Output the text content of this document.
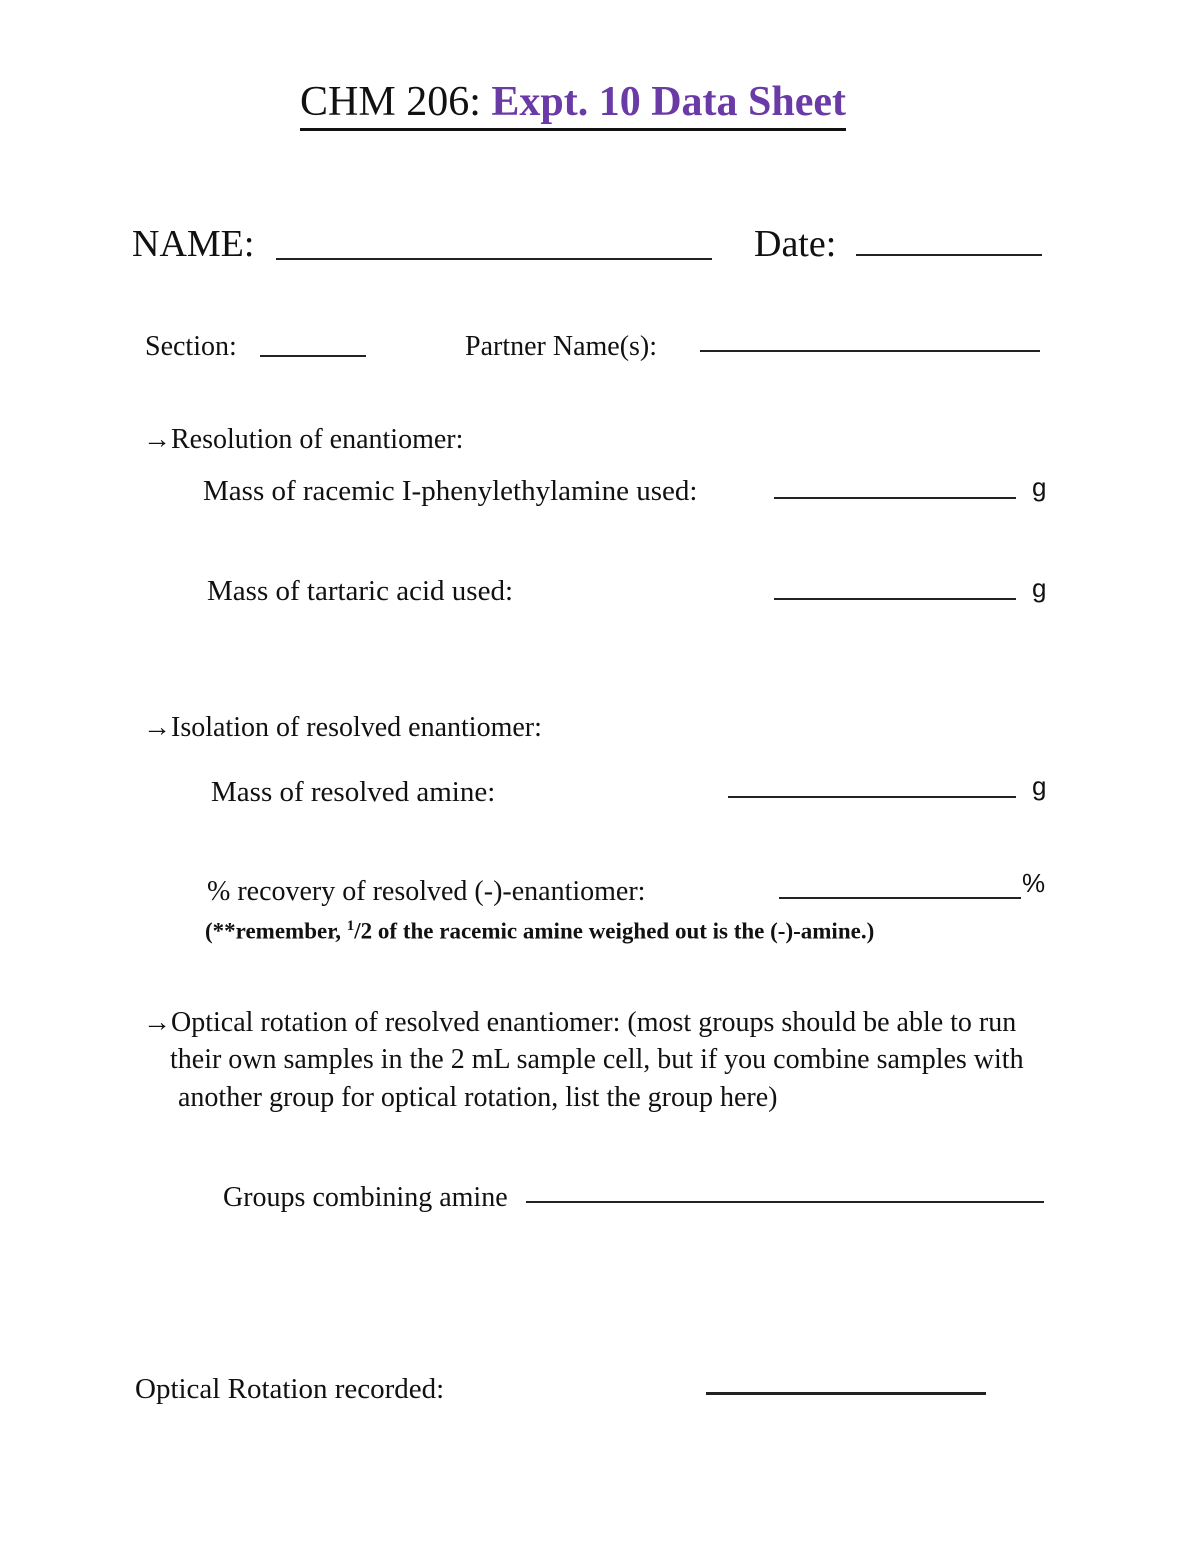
CHM 206: Expt. 10 Data Sheet
NAME:	Date:
Section:	Partner Name(s):
→Resolution of enantiomer:
Mass of racemic I-phenylethylamine used:	g
Mass of tartaric acid used:	g
→Isolation of resolved enantiomer:
Mass of resolved amine:	g
% recovery of resolved (-)-enantiomer:	%
(**remember, $^1$/2 of the racemic amine weighed out is the (-)-amine.)
→Optical rotation of resolved enantiomer: (most groups should be able to run
their own samples in the 2 mL sample cell, but if you combine samples with
another group for optical rotation, list the group here)
Groups combining amine
Optical Rotation recorded:
